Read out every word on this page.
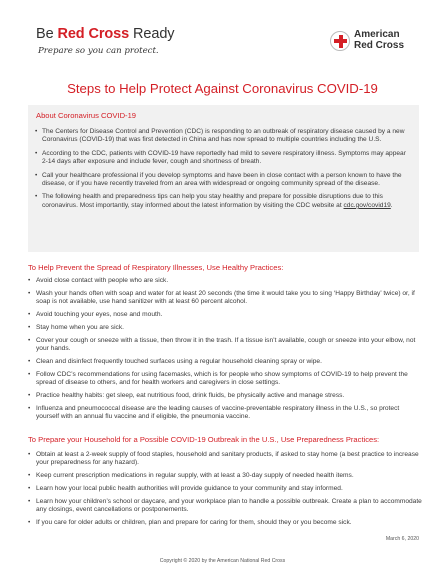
Be Red Cross Ready
Prepare so you can protect.
American
Red Cross
Steps to Help Protect Against Coronavirus COVID-19
About Coronavirus COVID-19
• The Centers for Disease Control and Prevention (CDC) is responding to an outbreak of respiratory disease caused by a new Coronavirus (COVID-19) that was first detected in China and has now spread to multiple countries including the U.S.
• According to the CDC, patients with COVID-19 have reportedly had mild to severe respiratory illness. Symptoms may appear 2-14 days after exposure and include fever, cough and shortness of breath.
• Call your healthcare professional if you develop symptoms and have been in close contact with a person known to have the disease, or if you have recently traveled from an area with widespread or ongoing community spread of the disease.
• The following health and preparedness tips can help you stay healthy and prepare for possible disruptions due to this coronavirus. Most importantly, stay informed about the latest information by visiting the CDC website at cdc.gov/covid19.
To Help Prevent the Spread of Respiratory Illnesses, Use Healthy Practices:
• Avoid close contact with people who are sick.
• Wash your hands often with soap and water for at least 20 seconds (the time it would take you to sing ‘Happy Birthday’ twice) or, if soap is not available, use hand sanitizer with at least 60 percent alcohol.
• Avoid touching your eyes, nose and mouth.
• Stay home when you are sick.
• Cover your cough or sneeze with a tissue, then throw it in the trash. If a tissue isn’t available, cough or sneeze into your elbow, not your hands.
• Clean and disinfect frequently touched surfaces using a regular household cleaning spray or wipe.
• Follow CDC’s recommendations for using facemasks, which is for people who show symptoms of COVID-19 to help prevent the spread of disease to others, and for health workers and caregivers in close settings.
• Practice healthy habits: get sleep, eat nutritious food, drink fluids, be physically active and manage stress.
• Influenza and pneumococcal disease are the leading causes of vaccine-preventable respiratory illness in the U.S., so protect yourself with an annual flu vaccine and if eligible, the pneumonia vaccine.
To Prepare your Household for a Possible COVID-19 Outbreak in the U.S., Use Preparedness Practices:
• Obtain at least a 2-week supply of food staples, household and sanitary products, if asked to stay home (a best practice to increase your preparedness for any hazard).
• Keep current prescription medications in regular supply, with at least a 30-day supply of needed health items.
• Learn how your local public health authorities will provide guidance to your community and stay informed.
• Learn how your children’s school or daycare, and your workplace plan to handle a possible outbreak. Create a plan to accommodate any closings, event cancellations or postponements.
• If you care for older adults or children, plan and prepare for caring for them, should they or you become sick.
March 6, 2020
Copyright © 2020 by the American National Red Cross
